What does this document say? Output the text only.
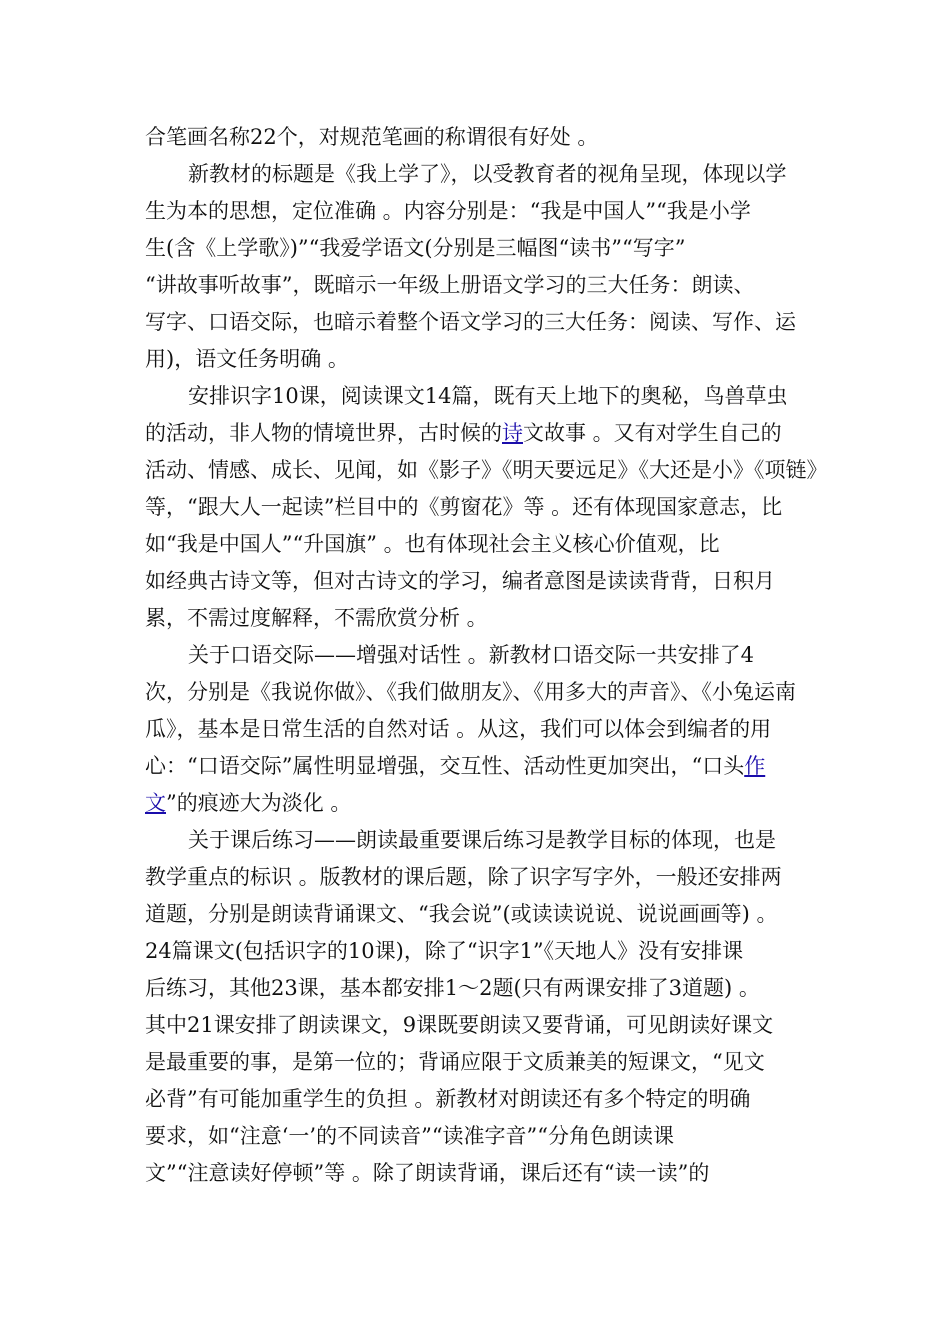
合笔画名称22个，对规范笔画的称谓很有好处 。
新教材的标题是《我上学了》，以受教育者的视角呈现，体现以学
生为本的思想，定位准确 。内容分别是：“我是中国人”“我是小学
生(含《上学歌》)”“我爱学语文(分别是三幅图“读书”“写字”
“讲故事听故事”，既暗示一年级上册语文学习的三大任务：朗读、
写字、口语交际，也暗示着整个语文学习的三大任务：阅读、写作、运
用)，语文任务明确 。
安排识字10课，阅读课文14篇，既有天上地下的奥秘，鸟兽草虫
的活动，非人物的情境世界，古时候的诗文故事 。又有对学生自己的
活动、情感、成长、见闻，如《影子》《明天要远足》《大还是小》《项链》
等，“跟大人一起读”栏目中的《剪窗花》等 。还有体现国家意志，比
如“我是中国人”“升国旗” 。也有体现社会主义核心价值观，比
如经典古诗文等，但对古诗文的学习，编者意图是读读背背，日积月
累，不需过度解释，不需欣赏分析 。
关于口语交际——增强对话性 。新教材口语交际一共安排了4
次，分别是《我说你做》、《我们做朋友》、《用多大的声音》、《小兔运南
瓜》，基本是日常生活的自然对话 。从这，我们可以体会到编者的用
心：“口语交际”属性明显增强，交互性、活动性更加突出，“口头作
文 ”的痕迹大为淡化 。
关于课后练习——朗读最重要课后练习是教学目标的体现，也是
教学重点的标识 。版教材的课后题，除了识字写字外，一般还安排两
道题，分别是朗读背诵课文、“我会说”(或读读说说、说说画画等) 。
24篇课文(包括识字的10课)，除了“识字1”《天地人》没有安排课
后练习，其他23课，基本都安排1～2题(只有两课安排了3道题) 。
其中21课安排了朗读课文，9课既要朗读又要背诵，可见朗读好课文
是最重要的事，是第一位的；背诵应限于文质兼美的短课文，“见文
必背”有可能加重学生的负担 。新教材对朗读还有多个特定的明确
要求，如“注意‘一’的不同读音”“读准字音”“分角色朗读课
文”“注意读好停顿”等 。除了朗读背诵，课后还有“读一读”的
